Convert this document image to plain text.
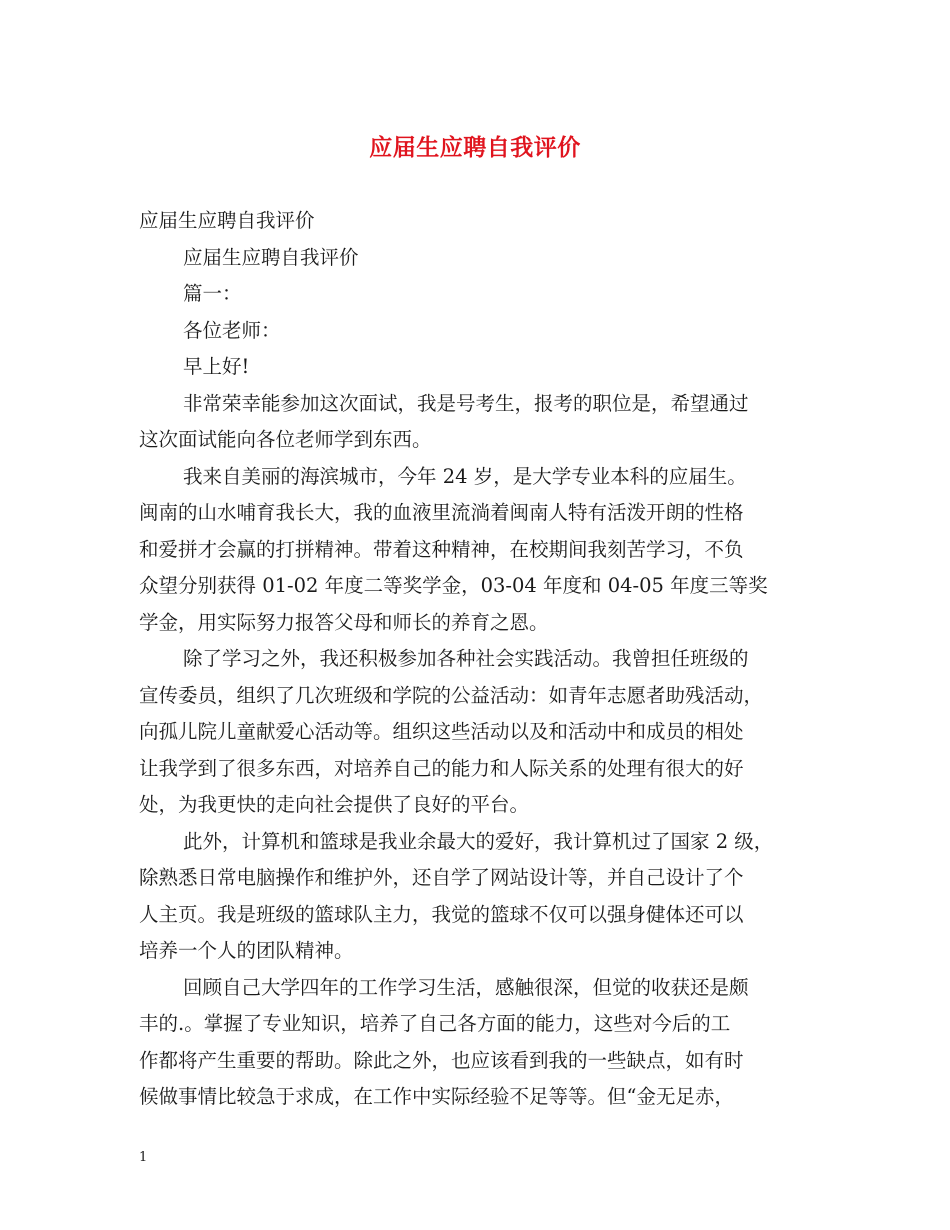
应届生应聘自我评价
应届生应聘自我评价
应届生应聘自我评价
篇一：
各位老师：
早上好!
非常荣幸能参加这次面试，我是号考生，报考的职位是，希望通过
这次面试能向各位老师学到东西。
我来自美丽的海滨城市，今年 24 岁，是大学专业本科的应届生。
闽南的山水哺育我长大，我的血液里流淌着闽南人特有活泼开朗的性格
和爱拼才会赢的打拼精神。带着这种精神，在校期间我刻苦学习，不负
众望分别获得 01-02 年度二等奖学金，03-04 年度和 04-05 年度三等奖
学金，用实际努力报答父母和师长的养育之恩。
除了学习之外，我还积极参加各种社会实践活动。我曾担任班级的
宣传委员，组织了几次班级和学院的公益活动：如青年志愿者助残活动，
向孤儿院儿童献爱心活动等。组织这些活动以及和活动中和成员的相处
让我学到了很多东西，对培养自己的能力和人际关系的处理有很大的好
处，为我更快的走向社会提供了良好的平台。
此外，计算机和篮球是我业余最大的爱好，我计算机过了国家 2 级，
除熟悉日常电脑操作和维护外，还自学了网站设计等，并自己设计了个
人主页。我是班级的篮球队主力，我觉的篮球不仅可以强身健体还可以
培养一个人的团队精神。
回顾自己大学四年的工作学习生活，感触很深，但觉的收获还是颇
丰的.。掌握了专业知识，培养了自己各方面的能力，这些对今后的工
作都将产生重要的帮助。除此之外，也应该看到我的一些缺点，如有时
候做事情比较急于求成，在工作中实际经验不足等等。但“金无足赤，
1
